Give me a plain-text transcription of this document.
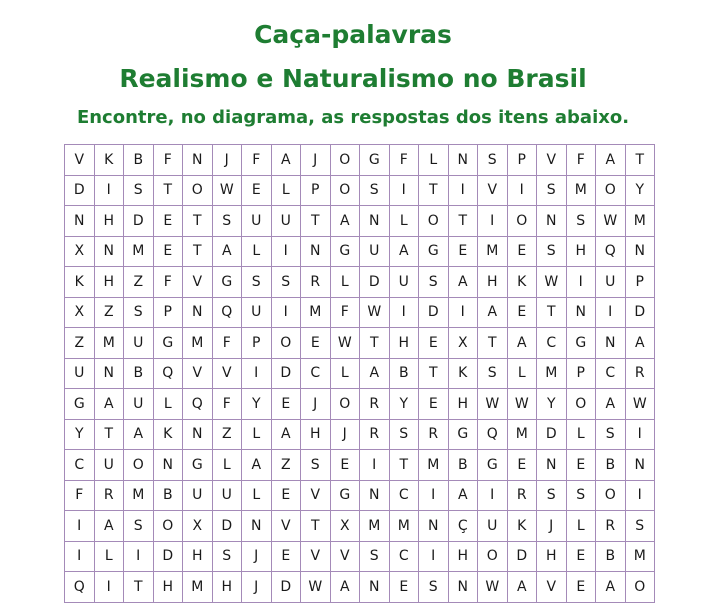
Caça-palavras
Realismo e Naturalismo no Brasil

Encontre, no diagrama, as respostas dos itens abaixo.

V	K	B	F	N	J	F	A	J	O	G	F	L	N	S	P	V	F	A	T
D	I	S	T	O	W	E	L	P	O	S	I	T	I	V	I	S	M	O	Y
N	H	D	E	T	S	U	U	T	A	N	L	O	T	I	O	N	S	W	M
X	N	M	E	T	A	L	I	N	G	U	A	G	E	M	E	S	H	Q	N
K	H	Z	F	V	G	S	S	R	L	D	U	S	A	H	K	W	I	U	P
X	Z	S	P	N	Q	U	I	M	F	W	I	D	I	A	E	T	N	I	D
Z	M	U	G	M	F	P	O	E	W	T	H	E	X	T	A	C	G	N	A
U	N	B	Q	V	V	I	D	C	L	A	B	T	K	S	L	M	P	C	R
G	A	U	L	Q	F	Y	E	J	O	R	Y	E	H	W	W	Y	O	A	W
Y	T	A	K	N	Z	L	A	H	J	R	S	R	G	Q	M	D	L	S	I
C	U	O	N	G	L	A	Z	S	E	I	T	M	B	G	E	N	E	B	N
F	R	M	B	U	U	L	E	V	G	N	C	I	A	I	R	S	S	O	I
I	A	S	O	X	D	N	V	T	X	M	M	N	Ç	U	K	J	L	R	S
I	L	I	D	H	S	J	E	V	V	S	C	I	H	O	D	H	E	B	M
Q	I	T	H	M	H	J	D	W	A	N	E	S	N	W	A	V	E	A	O
